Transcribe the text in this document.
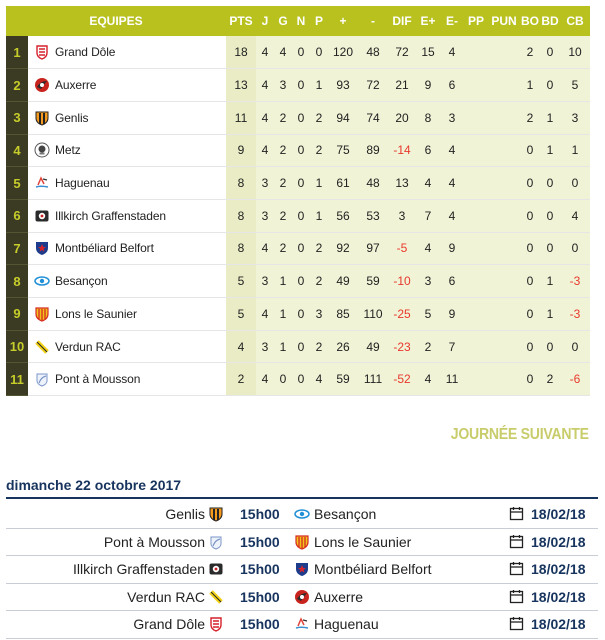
EQUIPES		PTS	J	G	N	P	+	-	DIF	E+	E-	PP	PUN	BO	BD	CB
1	Grand Dôle	18	4	4	0	0	120	48	72	15	4			2	0	10
2	Auxerre	13	4	3	0	1	93	72	21	9	6			1	0	5
3	Genlis	11	4	2	0	2	94	74	20	8	3			2	1	3
4	Metz	9	4	2	0	2	75	89	-14	6	4			0	1	1
5	Haguenau	8	3	2	0	1	61	48	13	4	4			0	0	0
6	Illkirch Graffenstaden	8	3	2	0	1	56	53	3	7	4			0	0	4
7	Montbéliard Belfort	8	4	2	0	2	92	97	-5	4	9			0	0	0
8	Besançon	5	3	1	0	2	49	59	-10	3	6			0	1	-3
9	Lons le Saunier	5	4	1	0	3	85	110	-25	5	9			0	1	-3
10	Verdun RAC	4	3	1	0	2	26	49	-23	2	7			0	0	0
11	Pont à Mousson	2	4	0	0	4	59	111	-52	4	11			0	2	-6
JOURNÉE SUIVANTE
dimanche 22 octobre 2017
Genlis	15h00 Besançon	18/02/18
Pont à Mousson	15h00 Lons le Saunier	18/02/18
Illkirch Graffenstaden	15h00 Montbéliard Belfort	18/02/18
Verdun RAC	15h00 Auxerre	18/02/18
Grand Dôle	15h00 Haguenau	18/02/18
